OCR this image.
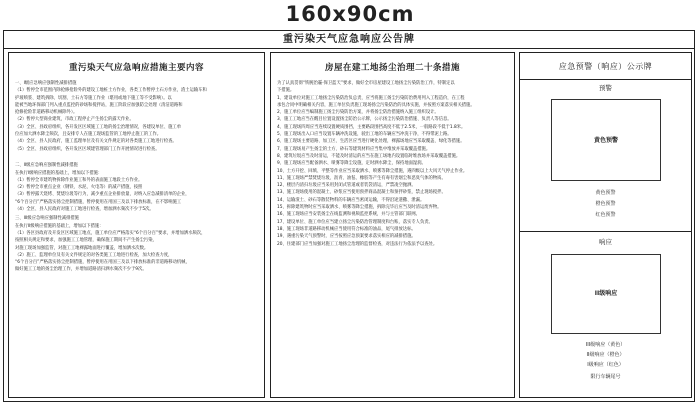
160x90cm
重污染天气应急响应公告牌
重污染天气应急响应措施主要内容

一、I级应急响应强制性减排措施

（1）暂停全市范围内除抢修抢险外的建设工地桩土方作业，各类工作暂停土石方作业，渣土运输车和

护坡喷浆、建筑拆除、切割、土石方等施工作业（堪用或地下施工等不受影响）。以

能被当地环保部门列入重点监控的砂场和搅拌站，施工阶段应加强防尘处理（清洁道路和

抢修抢险非道路移动机械除外）。

（2）暂停大型商业建筑，市政工程停止产生扬尘的露天作业。

（3）全区、县政府组织，各开发区区域施工工地的扬尘治理情况，各建设单位、施工单

位应加大洒水降尘频次，且安排专人在施工现场监管的工地停止施工的工作。

（4）全区、县人民政府，施工监理单位及有关文件规定的对各类施工工地进行检查。

（5）全区、县政府组织，各开发区区域建管理部门工作开展情况进行检查。

二、II级应急响应强制性减排措施

在执行I级响应措施的基础上，增加以下措施：

（1）暂停全市建筑物拆除作业施工和外的表面施工地段土方作业。

（2）暂停全市重点企业（钢铁、水泥、火电等）的减产措施，按照

（3）暂停露天烧烤、焚烧垃圾等行为，减少重点企业排放量，对纳入应急减排清单的企业，

“6个百分百”严格落实扬尘控制措施，暂停使用在用国三及以下排放标准，在不影响施工

（4）全区、县人民政府对施工工地进行检查，增加洒水频次不少于5次。

三、III级应急响应强制性减排措施

在执行II级响应措施的基础上，增加以下措施：

（1）各区县政府及开发区区域施工地点，施工单位应严格落实“6个百分百”要求，并增加洒水频次，

按照相关规定和要求，加强施工工地管理，确保施工期间不产生扬尘污染，

对施工现场加强监管，对施工工地裸露地面进行覆盖，增加洒水次数。

（2）施工、监理单位及有关文件规定的对各类施工工地进行检查，加大检查力度，

“6个百分百”严格落实扬尘控制措施，暂停使用在用国三及以下排放标准的非道路移动机械，

做好施工工地的扬尘治理工作，并增加道路清扫洒水频次不少于9次。

房屋在建工地扬尘治理二十条措施

为了认真贯彻“铁腕治霾·保卫蓝天”要求，做好全市房屋建设工地扬尘污染防治工作，特制定以

下措施。

1、建设单位对施工工地扬尘污染防治负总责，应当将施工扬尘污染防治费用列入工程造价，在工程

承包合同中明确相关内容，施工单位负责施工现场扬尘污染防治的具体实施，并按照方案落实相关措施。

2、施工单位应当编制施工扬尘污染防治方案，并将扬尘防治措施纳入施工组织设计。

3、施工工地应当在醒目位置设置扬尘防治公示牌，公示扬尘污染防治措施、负责人等信息。

4、施工现场四周应当连续设置硬质围挡，主要路段围挡高度不低于2.5米，一般路段不低于1.8米。

5、施工现场出入口应当设置车辆冲洗设施，驶出工地的车辆应当冲洗干净，不得带泥上路。

6、施工现场主要道路、加工区、生活区应当进行硬化处理，裸露场地应当采取覆盖、绿化等措施。

7、施工现场易产生扬尘的土方、砂石等建筑材料应当集中堆放并采取覆盖措施。

8、建筑垃圾应当及时清运，不能及时清运的应当在施工场地内设置临时堆放场并采取覆盖措施。

9、施工现场应当配备洒水、喷雾等降尘设施，定时洒水降尘，保持地面湿润。

10、土方开挖、回填、平整等作业应当采取洒水、喷雾等降尘措施，遇四级以上大风天气停止作业。

11、施工现场严禁焚烧垃圾、沥青、油毡、橡胶等产生有毒有害烟尘和恶臭气体的物质。

12、楼层内清扫垃圾应当采用封闭式管道或者装袋清运，严禁凌空抛洒。

13、施工现场使用的混凝土、砂浆应当使用预拌商品混凝土和预拌砂浆，禁止现场搅拌。

14、运输渣土、砂石等散装物料的车辆应当密闭运输，不得沿途遗撒、泄漏。

15、拆除建筑物时应当采取洒水、喷雾等降尘措施，拆除完毕后应当及时清运废弃物。

16、施工现场应当安装扬尘在线监测和视频监控系统，并与主管部门联网。

17、建设单位、施工单位应当建立扬尘污染防治管理制度和台账，落实专人负责。

18、施工现场非道路移动机械应当使用符合标准的油品，尾气排放达标。

19、遇重污染天气预警时，应当按照应急预案要求落实相应的减排措施。

20、住建部门应当加强对施工工地扬尘治理的监督检查，对违法行为依法予以查处。

应急预警（响应）公示牌
预警
黄色预警
黄色预警
橙色预警
红色预警
响应
II级响应
III级响应（黄色）
II级响应（橙色）
I级响应（红色）
限行车辆尾号
